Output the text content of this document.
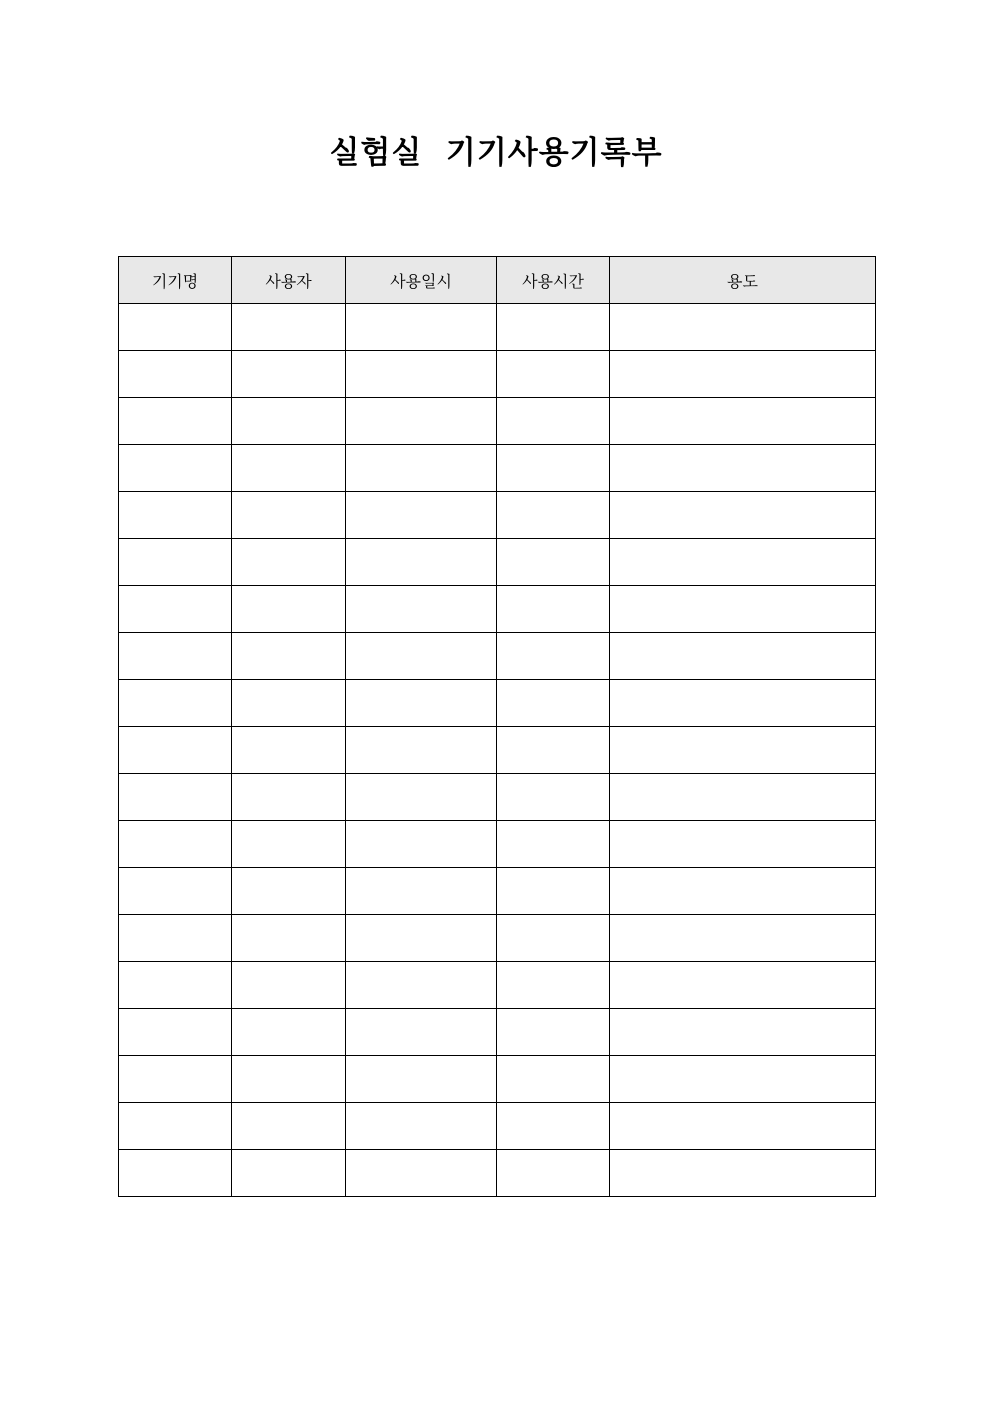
실험실  기기사용기록부
기기명	사용자	사용일시	사용시간	용도
